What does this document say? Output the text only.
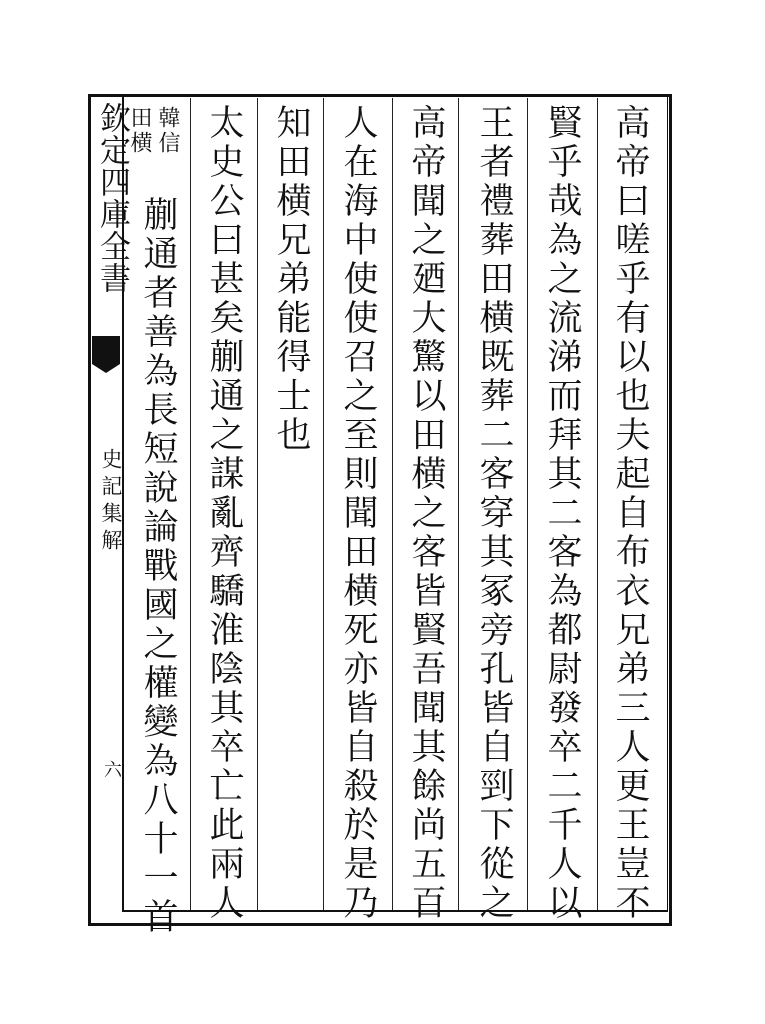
欽定四庫全書
史記集解
六	高帝曰嗟乎有以也夫起自布衣兄弟三人更王豈不
賢乎哉為之流涕而拜其二客為都尉發卒二千人以
王者禮葬田横既葬二客穿其冢旁孔皆自剄下從之
高帝聞之廼大驚以田横之客皆賢吾聞其餘尚五百
人在海中使使召之至則聞田横死亦皆自殺於是乃
知田横兄弟能得士也
太史公曰甚矣蒯通之謀亂齊驕淮陰其卒亡此兩人
韓信
田横
蒯通者善為長短說論戰國之權變為八十一首
